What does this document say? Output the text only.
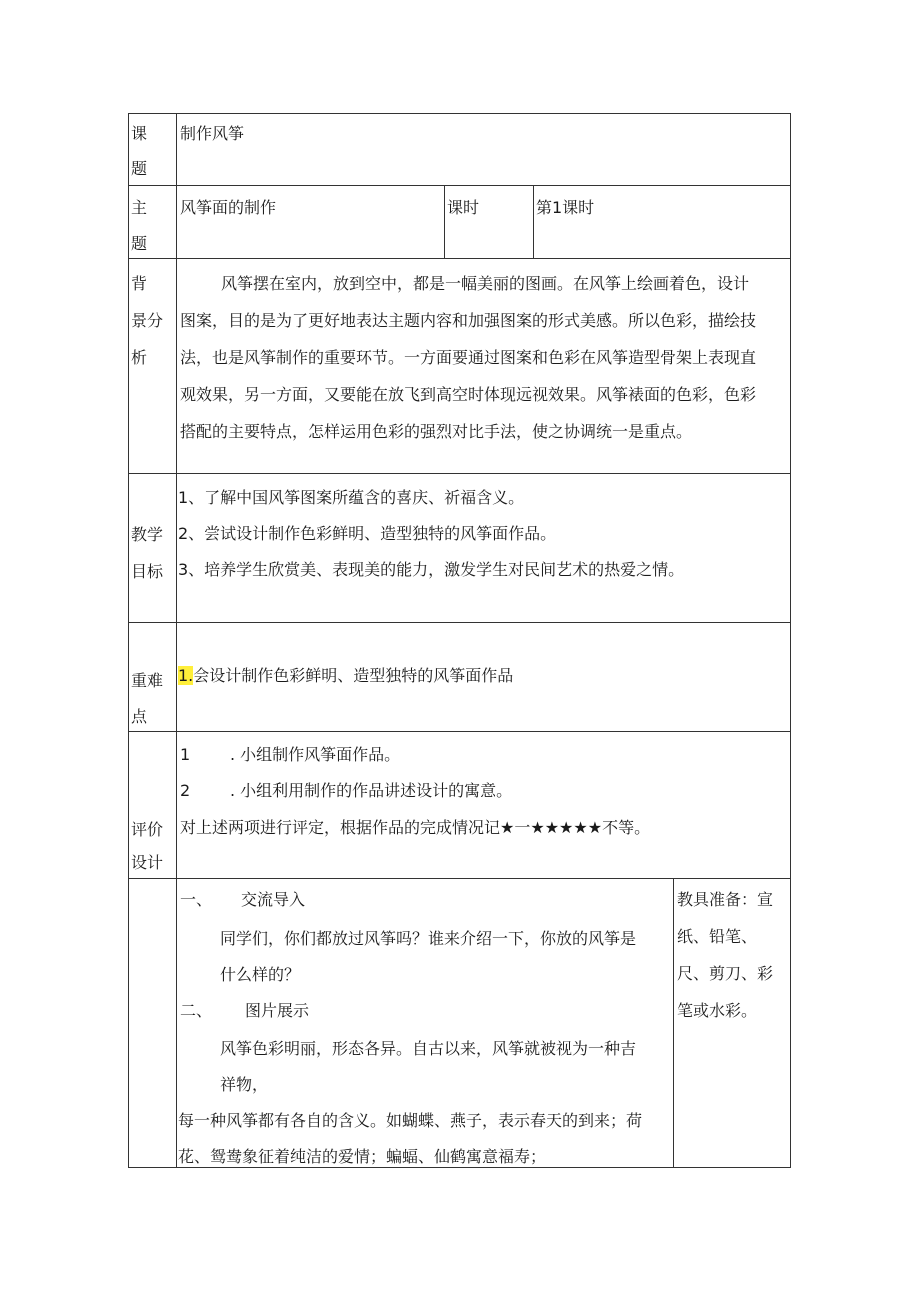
课
题
制作风筝
主
题
风筝面的制作	课时	第1课时
背
景分
析
风筝摆在室内，放到空中，都是一幅美丽的图画。在风筝上绘画着色，设计
图案，目的是为了更好地表达主题内容和加强图案的形式美感。所以色彩，描绘技
法，也是风筝制作的重要环节。一方面要通过图案和色彩在风筝造型骨架上表现直
观效果，另一方面，又要能在放飞到高空时体现远视效果。风筝裱面的色彩，色彩
搭配的主要特点，怎样运用色彩的强烈对比手法，使之协调统一是重点。
教学
目标
1、了解中国风筝图案所蕴含的喜庆、祈福含义。
2、尝试设计制作色彩鲜明、造型独特的风筝面作品。
3、培养学生欣赏美、表现美的能力，激发学生对民间艺术的热爱之情。
重难
点
1.会设计制作色彩鲜明、造型独特的风筝面作品
评价
设计
1 . 小组制作风筝面作品。
2 . 小组利用制作的作品讲述设计的寓意。
对上述两项进行评定，根据作品的完成情况记★一★★★★★不等。
一、 交流导入
同学们，你们都放过风筝吗？谁来介绍一下，你放的风筝是
什么样的？
二、 图片展示
风筝色彩明丽，形态各异。自古以来，风筝就被视为一种吉
祥物，
每一种风筝都有各自的含义。如蝴蝶、燕子，表示春天的到来；荷
花、鸳鸯象征着纯洁的爱情；蝙蝠、仙鹤寓意福寿；
教具准备：宣
纸、铅笔、
尺、剪刀、彩
笔或水彩。
